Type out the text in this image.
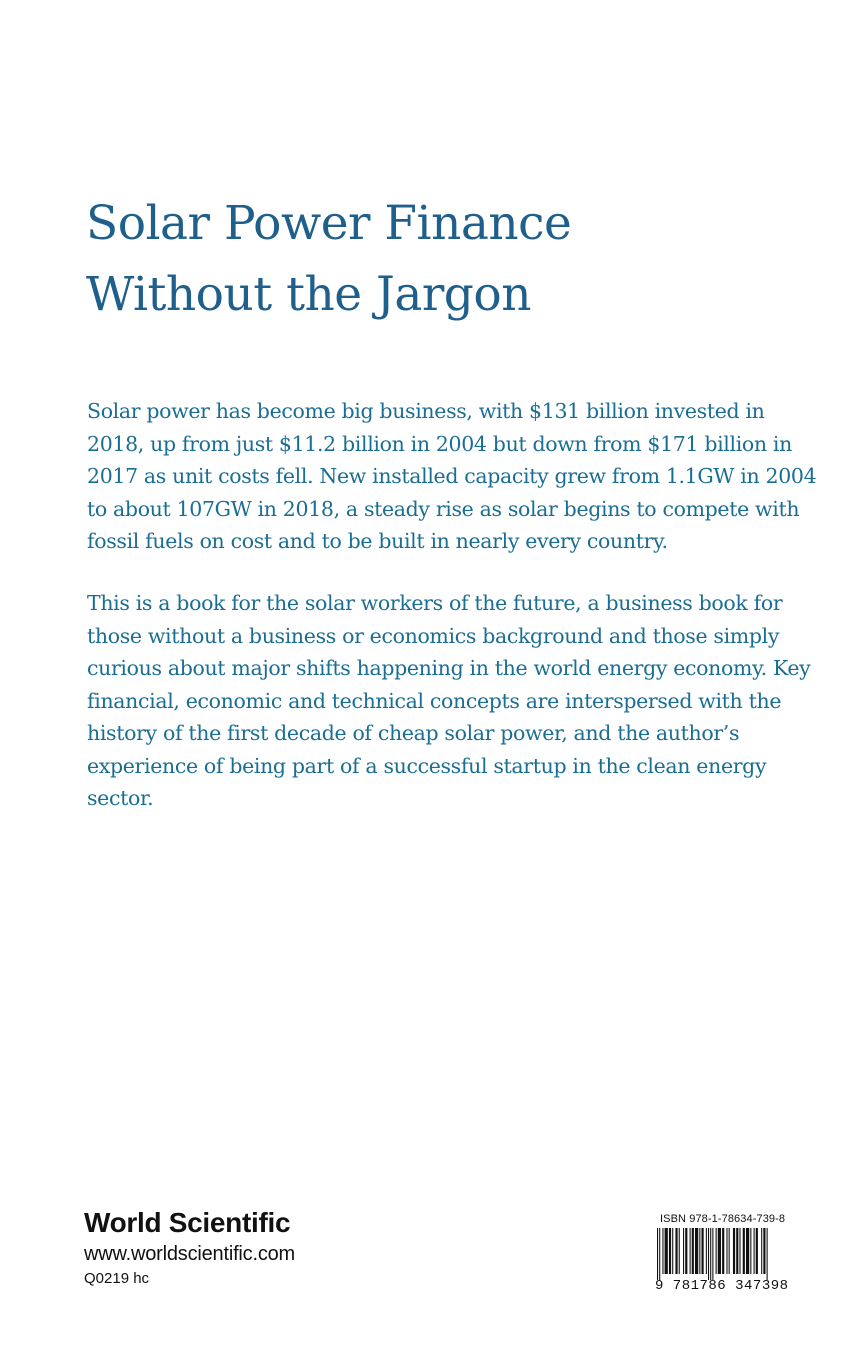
Solar Power Finance
Without the Jargon

Solar power has become big business, with $131 billion invested in 2018, up from just $11.2 billion in 2004 but down from $171 billion in 2017 as unit costs fell. New installed capacity grew from 1.1GW in 2004 to about 107GW in 2018, a steady rise as solar begins to compete with fossil fuels on cost and to be built in nearly every country.

This is a book for the solar workers of the future, a business book for those without a business or economics background and those simply curious about major shifts happening in the world energy economy. Key financial, economic and technical concepts are interspersed with the history of the first decade of cheap solar power, and the author’s experience of being part of a successful startup in the clean energy sector.

World Scientific
www.worldscientific.com
Q0219 hc
ISBN 978-1-78634-739-8
9 781786 347398
